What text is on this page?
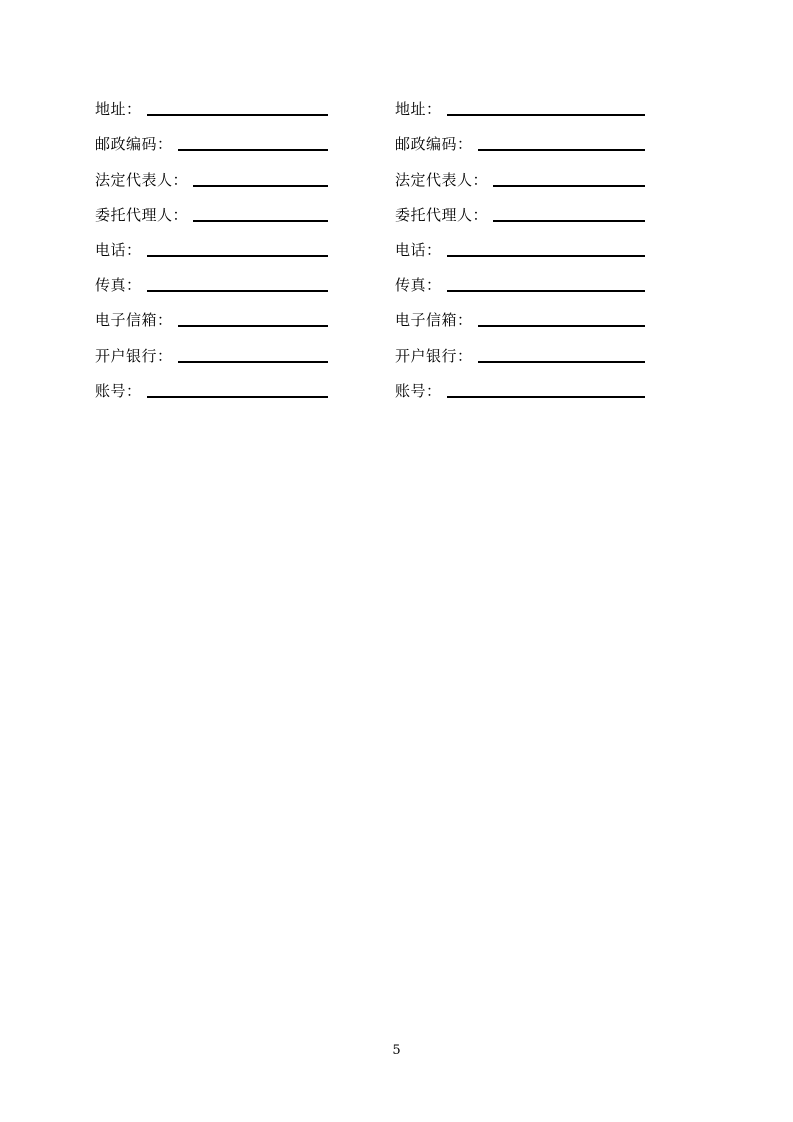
地址：
邮政编码：
法定代表人：
委托代理人：
电话：
传真：
电子信箱：
开户银行：
账号：
地址：
邮政编码：
法定代表人：
委托代理人：
电话：
传真：
电子信箱：
开户银行：
账号：
5
